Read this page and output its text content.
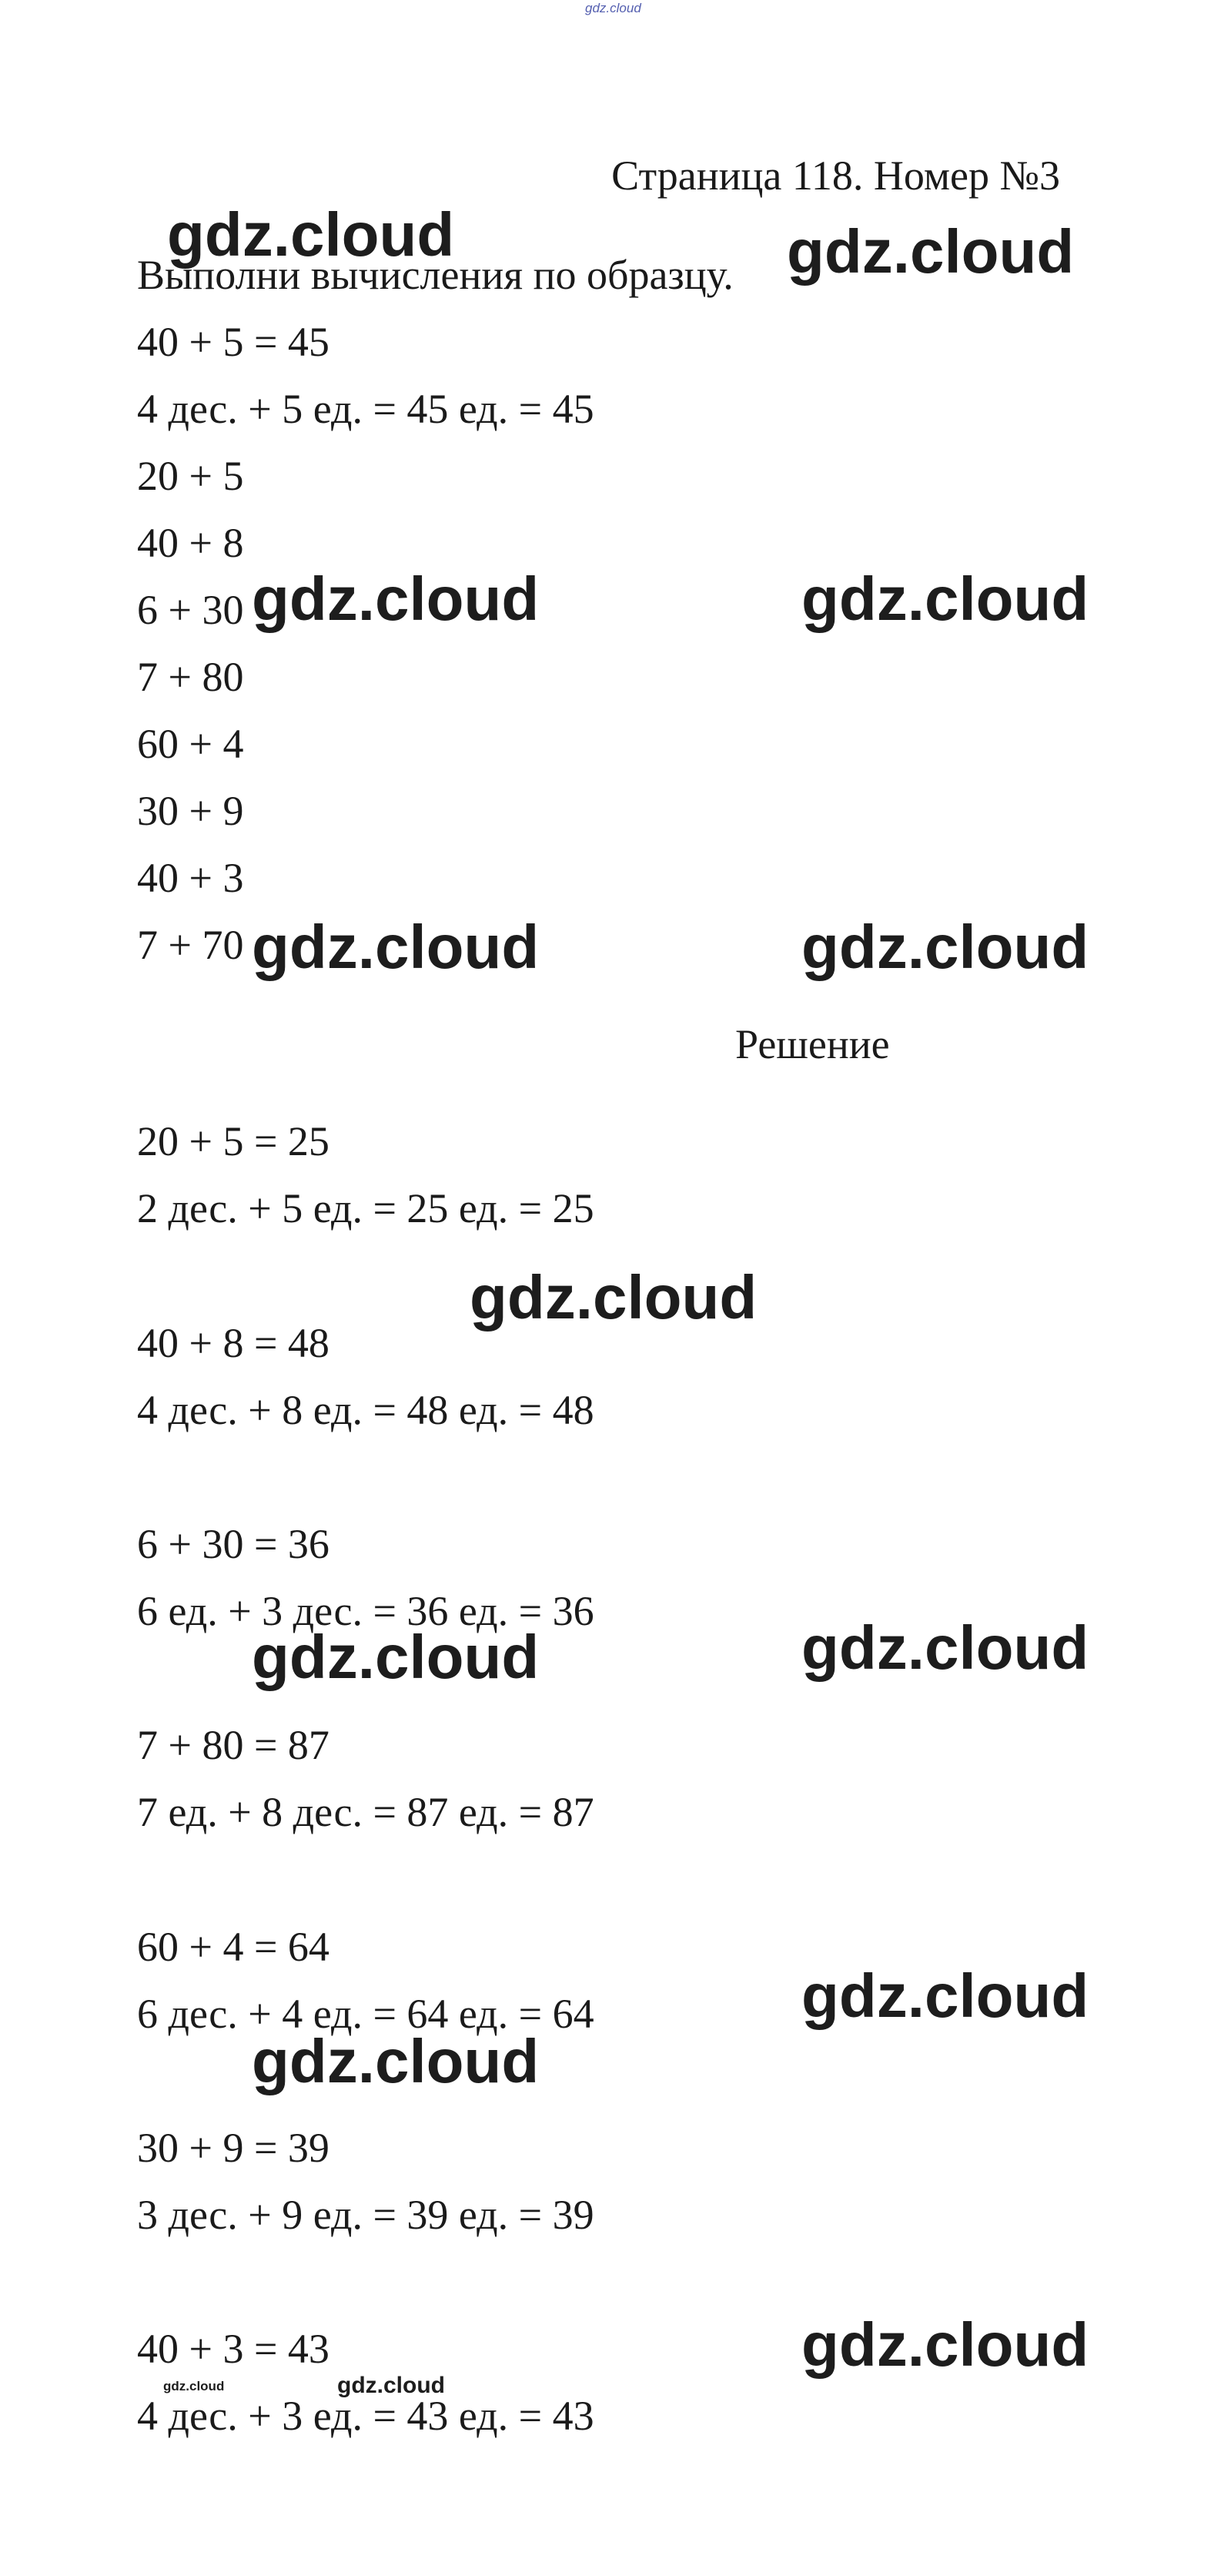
gdz.cloud
Страница 118. Номер №3
Выполни вычисления по образцу.
40 + 5 = 45
4 дес. + 5 ед. = 45 ед. = 45
20 + 5
40 + 8
6 + 30
7 + 80
60 + 4
30 + 9
40 + 3
7 + 70
Решение
20 + 5 = 25
2 дес. + 5 ед. = 25 ед. = 25
40 + 8 = 48
4 дес. + 8 ед. = 48 ед. = 48
6 + 30 = 36
6 ед. + 3 дес. = 36 ед. = 36
7 + 80 = 87
7 ед. + 8 дес. = 87 ед. = 87
60 + 4 = 64
6 дес. + 4 ед. = 64 ед. = 64
30 + 9 = 39
3 дес. + 9 ед. = 39 ед. = 39
40 + 3 = 43
4 дес. + 3 ед. = 43 ед. = 43
gdz.cloud	gdz.cloud
gdz.cloud	gdz.cloud
gdz.cloud	gdz.cloud
gdz.cloud
gdz.cloud	gdz.cloud
gdz.cloud
gdz.cloud
gdz.cloud
gdz.cloud	gdz.cloud
